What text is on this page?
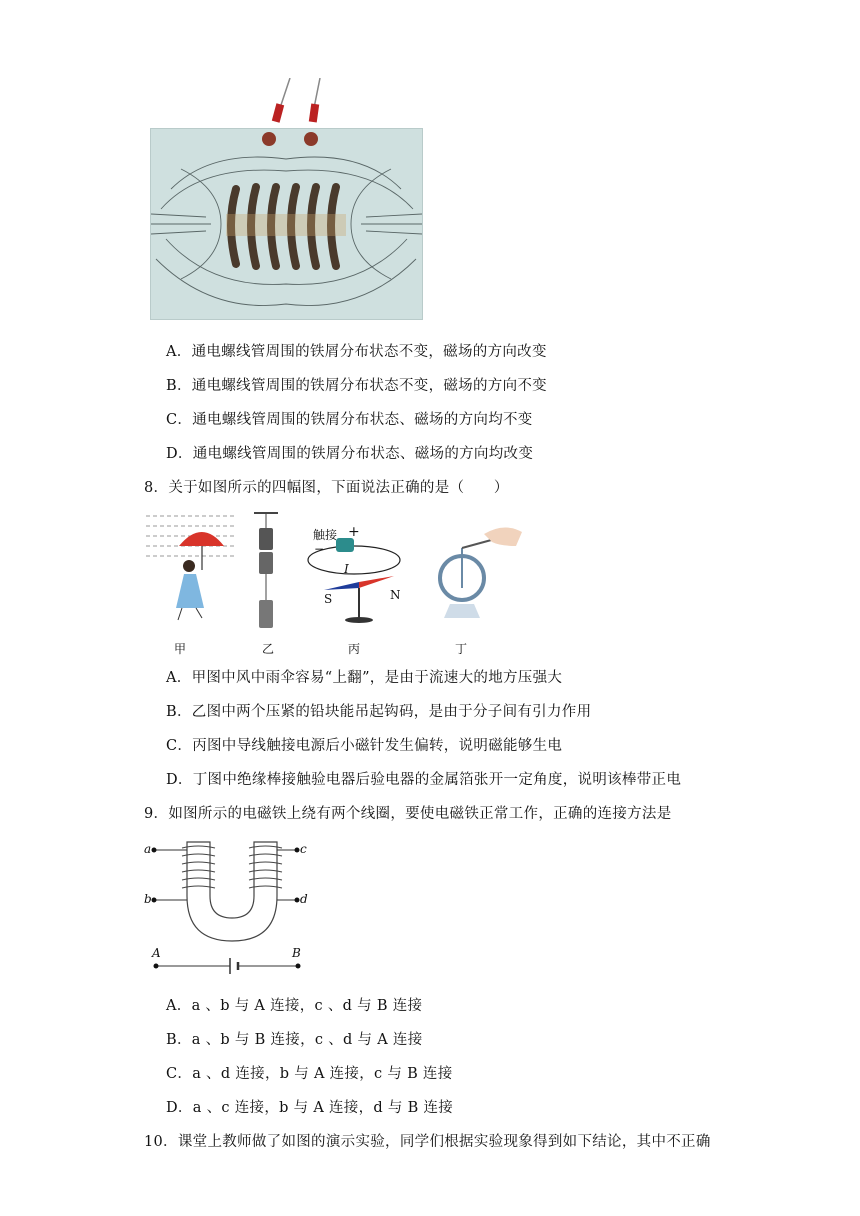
A．通电螺线管周围的铁屑分布状态不变，磁场的方向改变
B．通电螺线管周围的铁屑分布状态不变，磁场的方向不变
C．通电螺线管周围的铁屑分布状态、磁场的方向均不变
D．通电螺线管周围的铁屑分布状态、磁场的方向均改变
8．关于如图所示的四幅图，下面说法正确的是（　　）
触接 +
−
I
S	N
甲	乙	丙	丁
A．甲图中风中雨伞容易“上翻”，是由于流速大的地方压强大
B．乙图中两个压紧的铅块能吊起钩码，是由于分子间有引力作用
C．丙图中导线触接电源后小磁针发生偏转，说明磁能够生电
D．丁图中绝缘棒接触验电器后验电器的金属箔张开一定角度，说明该棒带正电
9．如图所示的电磁铁上绕有两个线圈，要使电磁铁正常工作，正确的连接方法是
a
b
c
d
A	B
A．a 、b 与 A 连接，c 、d 与 B 连接
B．a 、b 与 B 连接，c 、d 与 A 连接
C．a 、d 连接，b 与 A 连接，c 与 B 连接
D．a 、c 连接，b 与 A 连接，d 与 B 连接
10．课堂上教师做了如图的演示实验，同学们根据实验现象得到如下结论，其中不正确
